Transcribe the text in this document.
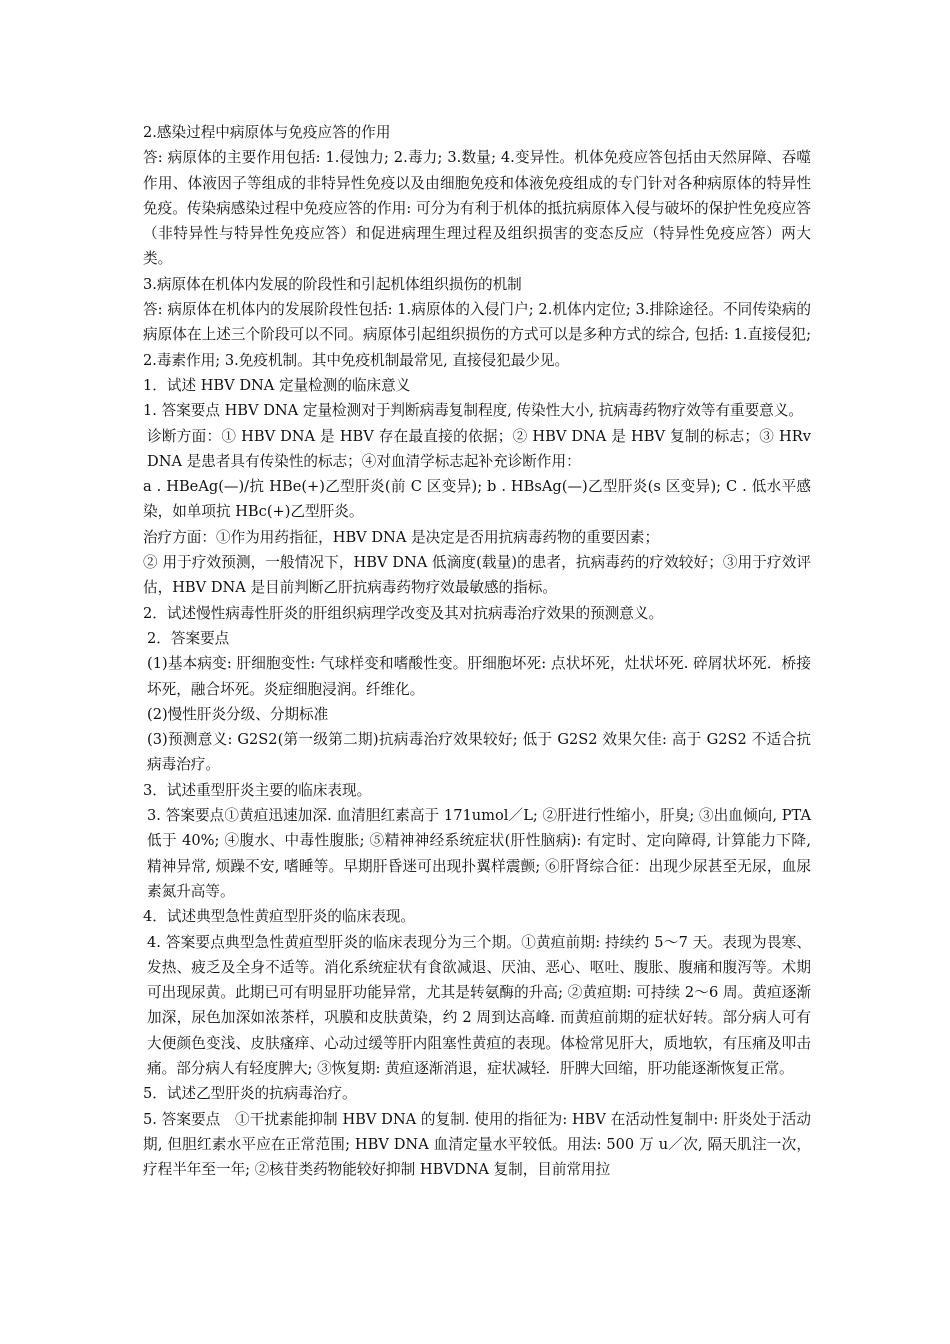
2.感染过程中病原体与免疫应答的作用

答: 病原体的主要作用包括: 1.侵蚀力; 2.毒力; 3.数量; 4.变异性。机体免疫应答包括由天然屏障、吞噬作用、体液因子等组成的非特异性免疫以及由细胞免疫和体液免疫组成的专门针对各种病原体的特异性免疫。传染病感染过程中免疫应答的作用: 可分为有利于机体的抵抗病原体入侵与破坏的保护性免疫应答（非特异性与特异性免疫应答）和促进病理生理过程及组织损害的变态反应（特异性免疫应答）两大类。

3.病原体在机体内发展的阶段性和引起机体组织损伤的机制

答: 病原体在机体内的发展阶段性包括: 1.病原体的入侵门户; 2.机体内定位; 3.排除途径。不同传染病的病原体在上述三个阶段可以不同。病原体引起组织损伤的方式可以是多种方式的综合, 包括: 1.直接侵犯; 2.毒素作用; 3.免疫机制。其中免疫机制最常见, 直接侵犯最少见。

1．试述 HBV DNA 定量检测的临床意义

1. 答案要点 HBV DNA 定量检测对于判断病毒复制程度, 传染性大小, 抗病毒药物疗效等有重要意义。

诊断方面：① HBV DNA 是 HBV 存在最直接的依据；② HBV DNA 是 HBV 复制的标志；③ HRv DNA 是患者具有传染性的标志；④对血清学标志起补充诊断作用：

a . HBeAg(—)/抗 HBe(+)乙型肝炎(前 C 区变异); b . HBsAg(—)乙型肝炎(s 区变异); C . 低水平感染，如单项抗 HBc(+)乙型肝炎。

治疗方面：①作为用药指征，HBV DNA 是决定是否用抗病毒药物的重要因素；

② 用于疗效预测，一般情况下，HBV DNA 低滴度(载量)的患者，抗病毒药的疗效较好；③用于疗效评估，HBV DNA 是目前判断乙肝抗病毒药物疗效最敏感的指标。

2．试述慢性病毒性肝炎的肝组织病理学改变及其对抗病毒治疗效果的预测意义。

2．答案要点

(1)基本病变: 肝细胞变性: 气球样变和嗜酸性变。肝细胞坏死: 点状坏死，灶状坏死. 碎屑状坏死．桥接坏死，融合坏死。炎症细胞浸润。纤维化。

(2)慢性肝炎分级、分期标准

(3)预测意义: G2S2(第一级第二期)抗病毒治疗效果较好; 低于 G2S2 效果欠佳: 高于 G2S2 不适合抗病毒治疗。

3．试述重型肝炎主要的临床表现。

3. 答案要点①黄疸迅速加深. 血清胆红素高于 171umol／L; ②肝进行性缩小，肝臭; ③出血倾向, PTA 低于 40%; ④腹水、中毒性腹胀; ⑤精神神经系统症状(肝性脑病): 有定时、定向障碍, 计算能力下降, 精神异常, 烦躁不安, 嗜睡等。早期肝昏迷可出现扑翼样震颤; ⑥肝肾综合征：出现少尿甚至无尿，血尿素氮升高等。

4．试述典型急性黄疸型肝炎的临床表现。

4. 答案要点典型急性黄疸型肝炎的临床表现分为三个期。①黄疸前期: 持续约 5～7 天。表现为畏寒、发热、疲乏及全身不适等。消化系统症状有食欲减退、厌油、恶心、呕吐、腹胀、腹痛和腹泻等。术期可出现尿黄。此期已可有明显肝功能异常，尤其是转氨酶的升高; ②黄疸期: 可持续 2～6 周。黄疸逐渐加深，尿色加深如浓茶样，巩膜和皮肤黄染，约 2 周到达高峰. 而黄疸前期的症状好转。部分病人可有大便颜色变浅、皮肤瘙痒、心动过缓等肝内阻塞性黄疸的表现。体检常见肝大，质地软，有压痛及叩击痛。部分病人有轻度脾大; ③恢复期: 黄疸逐渐消退，症状减轻．肝脾大回缩，肝功能逐渐恢复正常。

5．试述乙型肝炎的抗病毒治疗。

5. 答案要点　①干扰素能抑制 HBV DNA 的复制. 使用的指征为: HBV 在活动性复制中: 肝炎处于活动期, 但胆红素水平应在正常范围; HBV DNA 血清定量水平较低。用法: 500 万 u／次, 隔天肌注一次，疗程半年至一年; ②核苷类药物能较好抑制 HBVDNA 复制，目前常用拉
